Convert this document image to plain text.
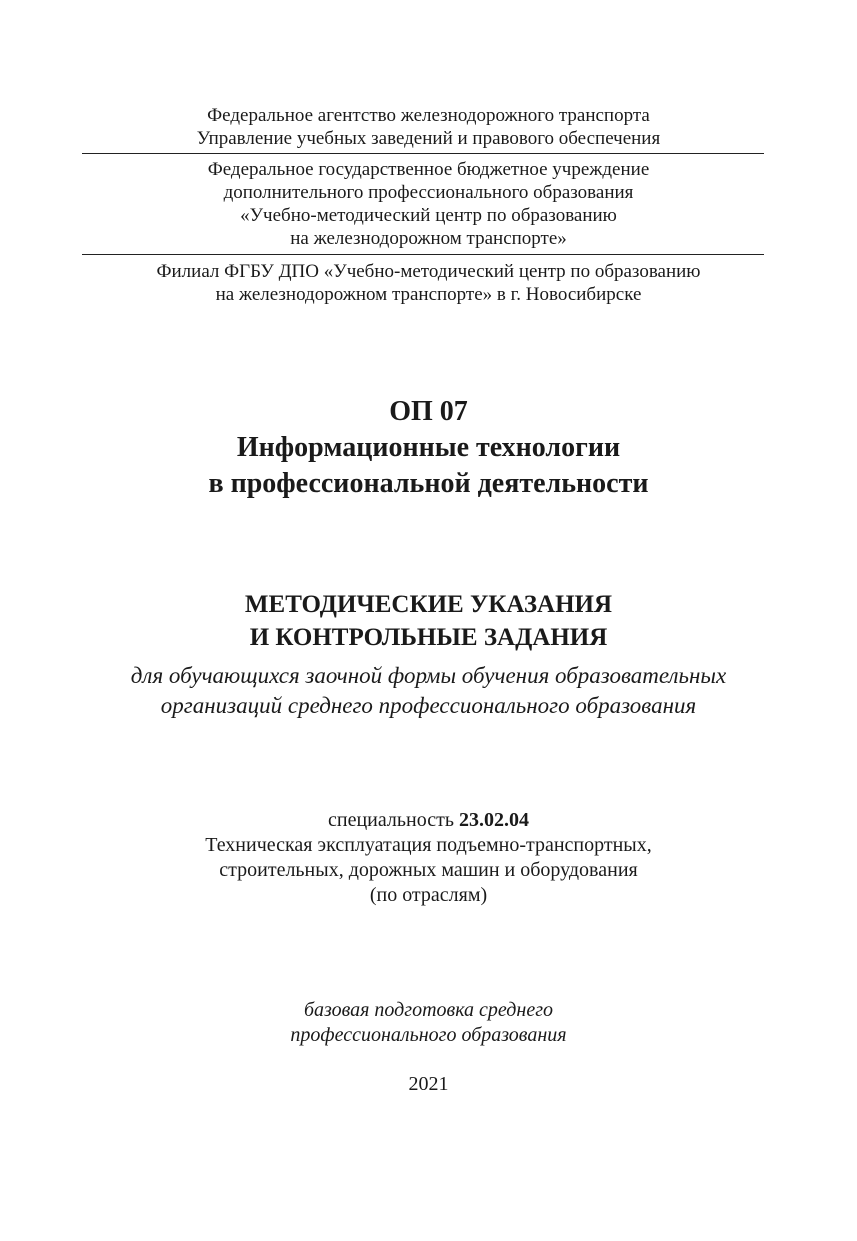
Федеральное агентство железнодорожного транспорта
Управление учебных заведений и правового обеспечения
Федеральное государственное бюджетное учреждение
дополнительного профессионального образования
«Учебно-методический центр по образованию
на железнодорожном транспорте»
Филиал ФГБУ ДПО «Учебно-методический центр по образованию
на железнодорожном транспорте» в г. Новосибирске
ОП 07
Информационные технологии
в профессиональной деятельности
МЕТОДИЧЕСКИЕ УКАЗАНИЯ
И КОНТРОЛЬНЫЕ ЗАДАНИЯ
для обучающихся заочной формы обучения образовательных
организаций среднего профессионального образования
специальность 23.02.04
Техническая эксплуатация подъемно-транспортных,
строительных, дорожных машин и оборудования
(по отраслям)
базовая подготовка среднего
профессионального образования
2021
